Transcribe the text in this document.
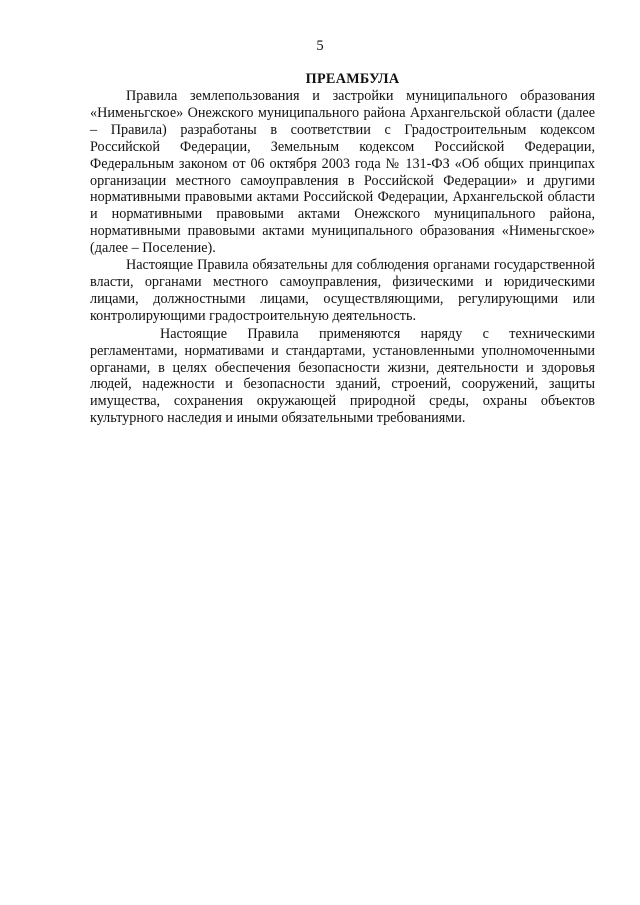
5
ПРЕАМБУЛА

Правила землепользования и застройки муниципального образования «Нименьгское» Онежского муниципального района Архангельской области (далее – Правила) разработаны в соответствии с Градостроительным кодексом Российской Федерации, Земельным кодексом Российской Федерации, Федеральным законом от 06 октября 2003 года № 131-ФЗ «Об общих принципах организации местного самоуправления в Российской Федерации» и другими нормативными правовыми актами Российской Федерации, Архангельской области и нормативными правовыми актами Онежского муниципального района, нормативными правовыми актами муниципального образования «Нименьгское» (далее – Поселение).

Настоящие Правила обязательны для соблюдения органами государственной власти, органами местного самоуправления, физическими и юридическими лицами, должностными лицами, осуществляющими, регулирующими или контролирующими градостроительную деятельность.

Настоящие Правила применяются наряду с техническими регламентами, нормативами и стандартами, установленными уполномоченными органами, в целях обеспечения безопасности жизни, деятельности и здоровья людей, надежности и безопасности зданий, строений, сооружений, защиты имущества, сохранения окружающей природной среды, охраны объектов культурного наследия и иными обязательными требованиями.
